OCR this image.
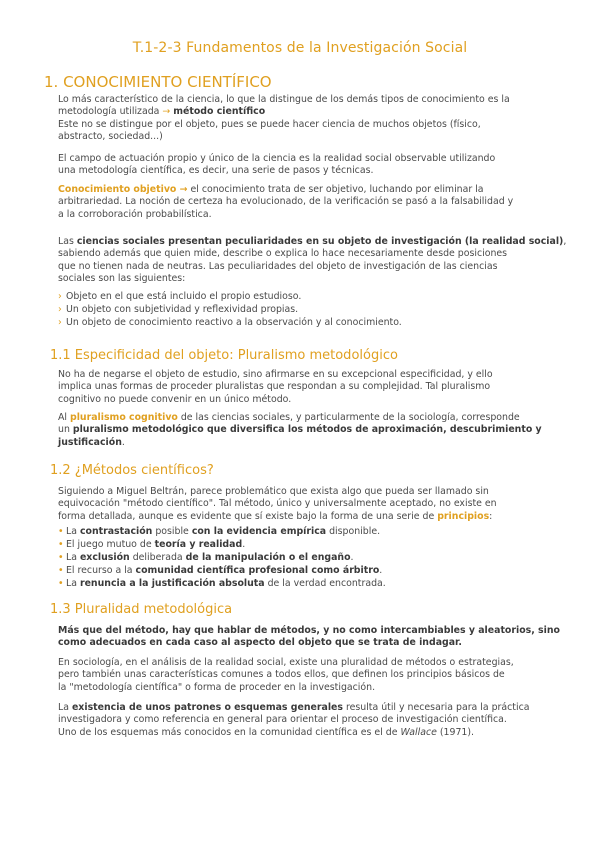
T.1-2-3 Fundamentos de la Investigación Social
1. CONOCIMIENTO CIENTÍFICO
Lo más característico de la ciencia, lo que la distingue de los demás tipos de conocimiento es la
metodología utilizada → método científico
Este no se distingue por el objeto, pues se puede hacer ciencia de muchos objetos (físico,
abstracto, sociedad...)
El campo de actuación propio y único de la ciencia es la realidad social observable utilizando
una metodología científica, es decir, una serie de pasos y técnicas.
Conocimiento objetivo → el conocimiento trata de ser objetivo, luchando por eliminar la
arbitrariedad. La noción de certeza ha evolucionado, de la verificación se pasó a la falsabilidad y
a la corroboración probabilística.
Las ciencias sociales presentan peculiaridades en su objeto de investigación (la realidad social),
sabiendo además que quien mide, describe o explica lo hace necesariamente desde posiciones
que no tienen nada de neutras. Las peculiaridades del objeto de investigación de las ciencias
sociales son las siguientes:
› Objeto en el que está incluido el propio estudioso.
› Un objeto con subjetividad y reflexividad propias.
› Un objeto de conocimiento reactivo a la observación y al conocimiento.
1.1 Especificidad del objeto: Pluralismo metodológico
No ha de negarse el objeto de estudio, sino afirmarse en su excepcional especificidad, y ello
implica unas formas de proceder pluralistas que respondan a su complejidad. Tal pluralismo
cognitivo no puede convenir en un único método.
Al pluralismo cognitivo de las ciencias sociales, y particularmente de la sociología, corresponde
un pluralismo metodológico que diversifica los métodos de aproximación, descubrimiento y
justificación.
1.2 ¿Métodos científicos?
Siguiendo a Miguel Beltrán, parece problemático que exista algo que pueda ser llamado sin
equivocación "método científico". Tal método, único y universalmente aceptado, no existe en
forma detallada, aunque es evidente que sí existe bajo la forma de una serie de principios:
• La contrastación posible con la evidencia empírica disponible.
• El juego mutuo de teoría y realidad.
• La exclusión deliberada de la manipulación o el engaño.
• El recurso a la comunidad científica profesional como árbitro.
• La renuncia a la justificación absoluta de la verdad encontrada.
1.3 Pluralidad metodológica
Más que del método, hay que hablar de métodos, y no como intercambiables y aleatorios, sino
como adecuados en cada caso al aspecto del objeto que se trata de indagar.
En sociología, en el análisis de la realidad social, existe una pluralidad de métodos o estrategias,
pero también unas características comunes a todos ellos, que definen los principios básicos de
la "metodología científica" o forma de proceder en la investigación.
La existencia de unos patrones o esquemas generales resulta útil y necesaria para la práctica
investigadora y como referencia en general para orientar el proceso de investigación científica.
Uno de los esquemas más conocidos en la comunidad científica es el de Wallace (1971).
